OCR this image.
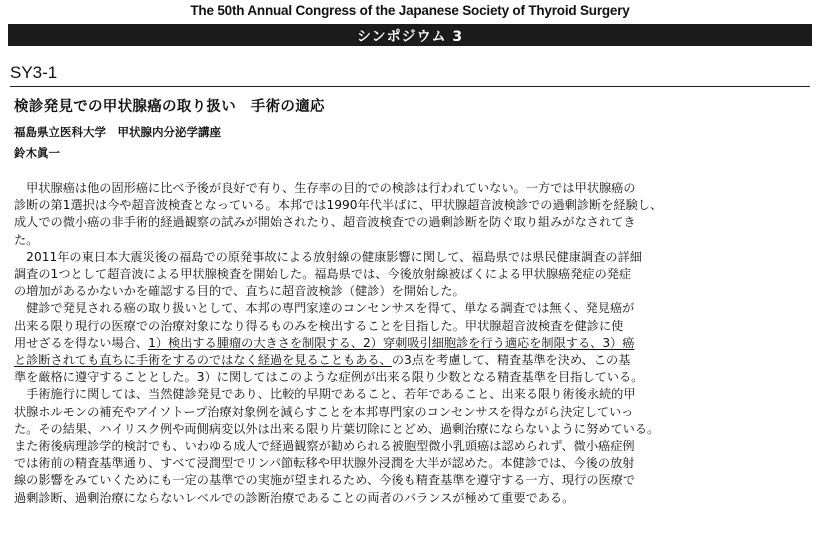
The 50th Annual Congress of the Japanese Society of Thyroid Surgery
シンポジウム 3
SY3-1
検診発見での甲状腺癌の取り扱い　手術の適応
福島県立医科大学　甲状腺内分泌学講座
鈴木眞一

　甲状腺癌は他の固形癌に比べ予後が良好で有り、生存率の目的での検診は行われていない。一方では甲状腺癌の

診断の第1選択は今や超音波検査となっている。本邦では1990年代半ばに、甲状腺超音波検診での過剰診断を経験し、

成人での微小癌の非手術的経過観察の試みが開始されたり、超音波検査での過剰診断を防ぐ取り組みがなされてき

た。

　2011年の東日本大震災後の福島での原発事故による放射線の健康影響に関して、福島県では県民健康調査の詳細

調査の1つとして超音波による甲状腺検査を開始した。福島県では、今後放射線被ばくによる甲状腺癌発症の発症

の増加があるかないかを確認する目的で、直ちに超音波検診（健診）を開始した。

　健診で発見される癌の取り扱いとして、本邦の専門家達のコンセンサスを得て、単なる調査では無く、発見癌が

出来る限り現行の医療での治療対象になり得るものみを検出することを目指した。甲状腺超音波検査を健診に使

用せざるを得ない場合、1）検出する腫瘤の大きさを制限する、2）穿刺吸引細胞診を行う適応を制限する、3）癌

と診断されても直ちに手術をするのではなく経過を見ることもある、の3点を考慮して、精査基準を決め、この基

準を厳格に遵守することとした。3）に関してはこのような症例が出来る限り少数となる精査基準を目指している。

　手術施行に関しては、当然健診発見であり、比較的早期であること、若年であること、出来る限り術後永続的甲

状腺ホルモンの補充やアイソトープ治療対象例を減らすことを本邦専門家のコンセンサスを得ながら決定していっ

た。その結果、ハイリスク例や両側病変以外は出来る限り片葉切除にとどめ、過剰治療にならないように努めている。

また術後病理診学的検討でも、いわゆる成人で経過観察が勧められる被胞型微小乳頭癌は認められず、微小癌症例

では術前の精査基準通り、すべて浸潤型でリンパ節転移や甲状腺外浸潤を大半が認めた。本健診では、今後の放射

線の影響をみていくためにも一定の基準での実施が望まれるため、今後も精査基準を遵守する一方、現行の医療で

過剰診断、過剰治療にならないレベルでの診断治療であることの両者のバランスが極めて重要である。
